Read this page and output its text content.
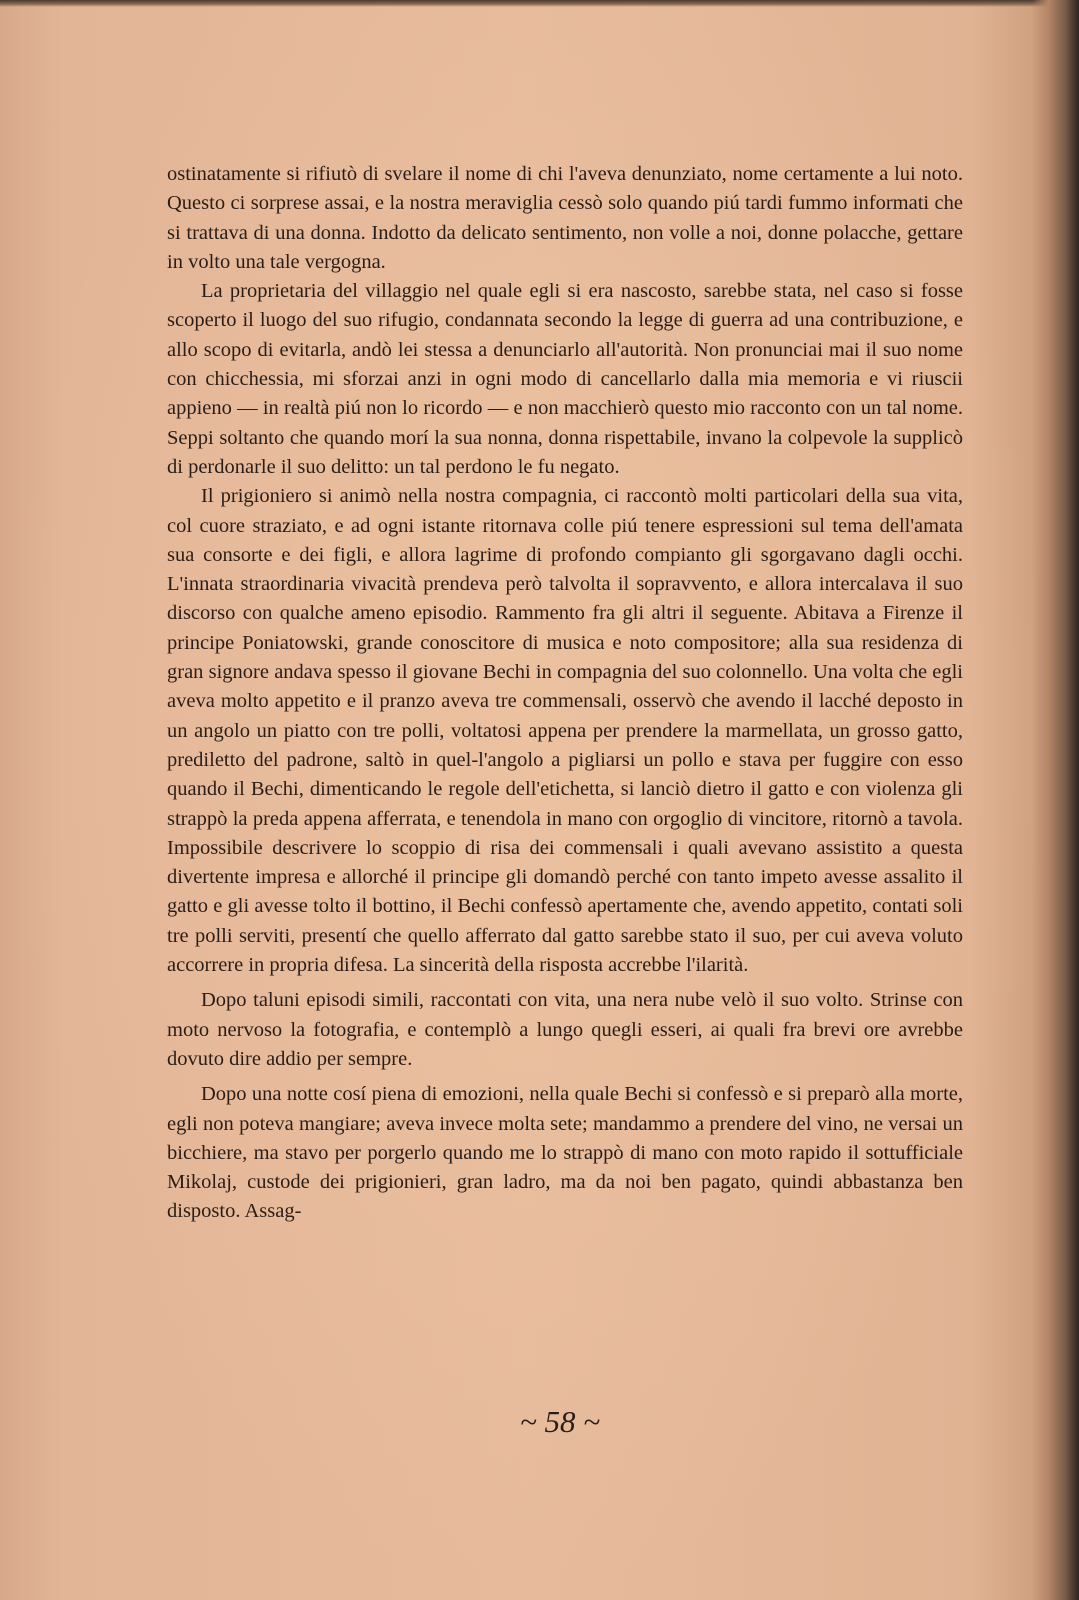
ostinatamente si rifiutò di svelare il nome di chi l'aveva denunziato, nome certamente a lui noto. Questo ci sorprese assai, e la nostra meraviglia cessò solo quando piú tardi fummo informati che si trattava di una donna. Indotto da delicato sentimento, non volle a noi, donne polacche, gettare in volto una tale vergogna.

La proprietaria del villaggio nel quale egli si era nascosto, sarebbe stata, nel caso si fosse scoperto il luogo del suo rifugio, condannata secondo la legge di guerra ad una contribuzione, e allo scopo di evitarla, andò lei stessa a denunciarlo all'autorità. Non pronunciai mai il suo nome con chicchessia, mi sforzai anzi in ogni modo di cancellarlo dalla mia memoria e vi riuscii appieno — in realtà piú non lo ricordo — e non macchierò questo mio racconto con un tal nome. Seppi soltanto che quando morí la sua nonna, donna rispettabile, invano la colpevole la supplicò di perdonarle il suo delitto: un tal perdono le fu negato.

Il prigioniero si animò nella nostra compagnia, ci raccontò molti particolari della sua vita, col cuore straziato, e ad ogni istante ritornava colle piú tenere espressioni sul tema dell'amata sua consorte e dei figli, e allora lagrime di profondo compianto gli sgorgavano dagli occhi. L'innata straordinaria vivacità prendeva però talvolta il sopravvento, e allora intercalava il suo discorso con qualche ameno episodio. Rammento fra gli altri il seguente. Abitava a Firenze il principe Poniatowski, grande conoscitore di musica e noto compositore; alla sua residenza di gran signore andava spesso il giovane Bechi in compagnia del suo colonnello. Una volta che egli aveva molto appetito e il pranzo aveva tre commensali, osservò che avendo il lacché deposto in un angolo un piatto con tre polli, voltatosi appena per prendere la marmellata, un grosso gatto, prediletto del padrone, saltò in quel-l'angolo a pigliarsi un pollo e stava per fuggire con esso quando il Bechi, dimenticando le regole dell'etichetta, si lanciò dietro il gatto e con violenza gli strappò la preda appena afferrata, e tenendola in mano con orgoglio di vincitore, ritornò a tavola. Impossibile descrivere lo scoppio di risa dei commensali i quali avevano assistito a questa divertente impresa e allorché il principe gli domandò perché con tanto impeto avesse assalito il gatto e gli avesse tolto il bottino, il Bechi confessò apertamente che, avendo appetito, contati soli tre polli serviti, presentí che quello afferrato dal gatto sarebbe stato il suo, per cui aveva voluto accorrere in propria difesa. La sincerità della risposta accrebbe l'ilarità.

Dopo taluni episodi simili, raccontati con vita, una nera nube velò il suo volto. Strinse con moto nervoso la fotografia, e contemplò a lungo quegli esseri, ai quali fra brevi ore avrebbe dovuto dire addio per sempre.

Dopo una notte cosí piena di emozioni, nella quale Bechi si confessò e si preparò alla morte, egli non poteva mangiare; aveva invece molta sete; mandammo a prendere del vino, ne versai un bicchiere, ma stavo per porgerlo quando me lo strappò di mano con moto rapido il sottufficiale Mikolaj, custode dei prigionieri, gran ladro, ma da noi ben pagato, quindi abbastanza ben disposto. Assag-

~ 58 ~
